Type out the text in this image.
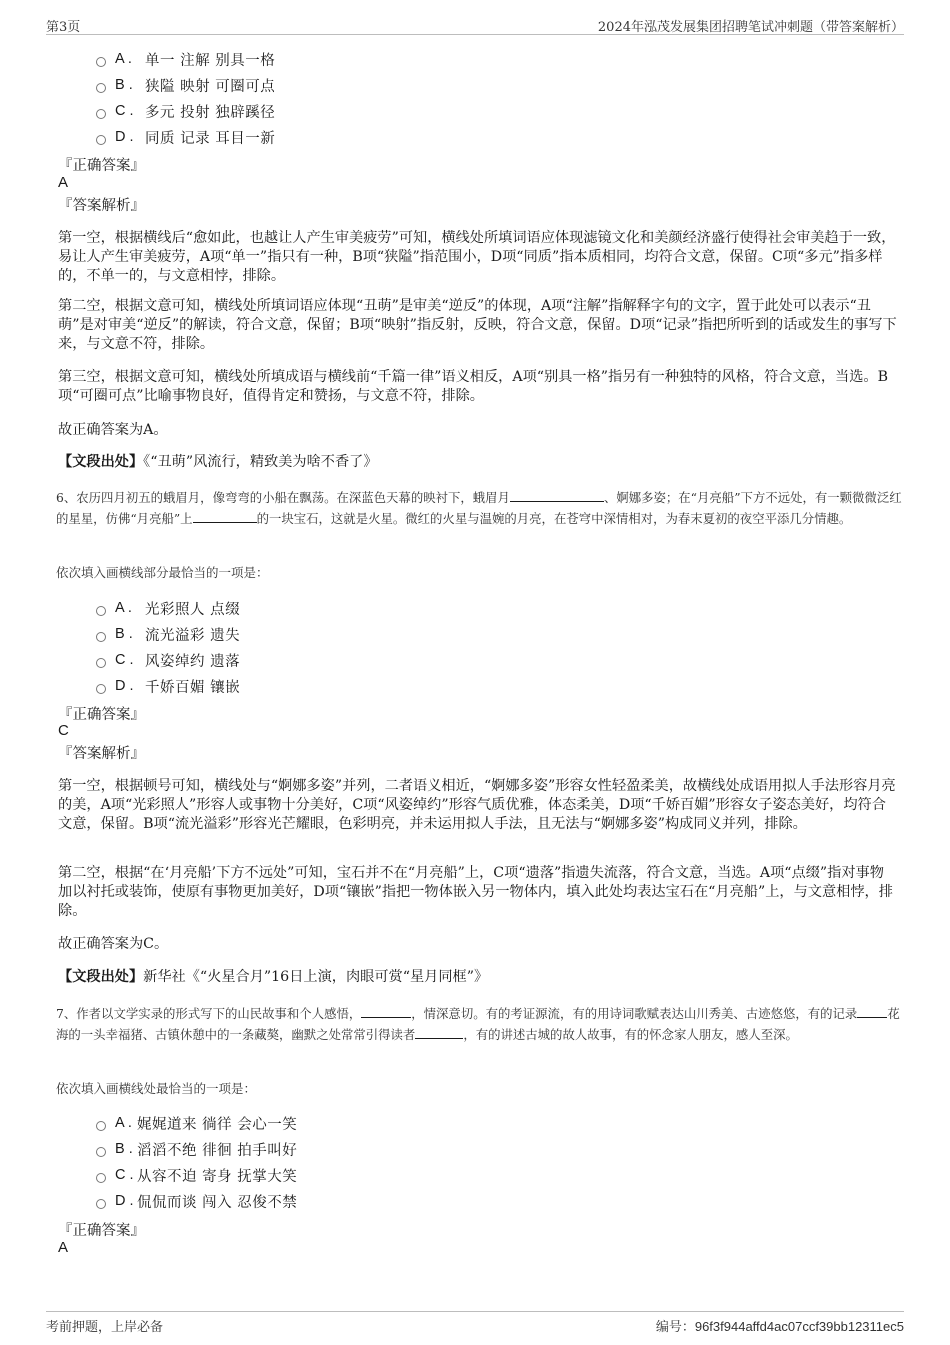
第3页	2024年泓茂发展集团招聘笔试冲刺题（带答案解析）
A . 单一 注解 别具一格
B . 狭隘 映射 可圈可点
C . 多元 投射 独辟蹊径
D . 同质 记录 耳目一新
『正确答案』
A
『答案解析』

第一空，根据横线后“愈如此，也越让人产生审美疲劳”可知，横线处所填词语应体现滤镜文化和美颜经济盛行使得社会审美趋于一致，易让人产生审美疲劳，A项“单一”指只有一种，B项“狭隘”指范围小，D项“同质”指本质相同，均符合文意，保留。C项“多元”指多样的，不单一的，与文意相悖，排除。

第二空，根据文意可知，横线处所填词语应体现“丑萌”是审美“逆反”的体现，A项“注解”指解释字句的文字，置于此处可以表示“丑萌”是对审美“逆反”的解读，符合文意，保留；B项“映射”指反射，反映，符合文意，保留。D项“记录”指把所听到的话或发生的事写下来，与文意不符，排除。

第三空，根据文意可知，横线处所填成语与横线前“千篇一律”语义相反，A项“别具一格”指另有一种独特的风格，符合文意，当选。B项“可圈可点”比喻事物良好，值得肯定和赞扬，与文意不符，排除。

故正确答案为A。

【文段出处】《“丑萌”风流行，精致美为啥不香了》

6、农历四月初五的蛾眉月，像弯弯的小船在飘荡。在深蓝色天幕的映衬下，蛾眉月	、婀娜多姿；在“月亮船”下方不远处，有一颗微微泛红的星星，仿佛“月亮船”上	的一块宝石，这就是火星。微红的火星与温婉的月亮，在苍穹中深情相对，为春末夏初的夜空平添几分情趣。

依次填入画横线部分最恰当的一项是：

A . 光彩照人 点缀
B . 流光溢彩 遗失
C . 风姿绰约 遗落
D . 千娇百媚 镶嵌
『正确答案』
C
『答案解析』

第一空，根据顿号可知，横线处与“婀娜多姿”并列，二者语义相近，“婀娜多姿”形容女性轻盈柔美，故横线处成语用拟人手法形容月亮的美，A项“光彩照人”形容人或事物十分美好，C项“风姿绰约”形容气质优雅，体态柔美，D项“千娇百媚”形容女子姿态美好，均符合文意，保留。B项“流光溢彩”形容光芒耀眼，色彩明亮，并未运用拟人手法，且无法与“婀娜多姿”构成同义并列，排除。

第二空，根据“在‘月亮船’下方不远处”可知，宝石并不在“月亮船”上，C项“遗落”指遗失流落，符合文意，当选。A项“点缀”指对事物加以衬托或装饰，使原有事物更加美好，D项“镶嵌”指把一物体嵌入另一物体内，填入此处均表达宝石在“月亮船”上，与文意相悖，排除。

故正确答案为C。

【文段出处】新华社《“火星合月”16日上演，肉眼可赏“星月同框”》

7、作者以文学实录的形式写下的山民故事和个人感悟，	，情深意切。有的考证源流，有的用诗词歌赋表达山川秀美、古迹悠悠，有的记录 花海的一头幸福猪、古镇休憩中的一条藏獒，幽默之处常常引得读者	，有的讲述古城的故人故事，有的怀念家人朋友，感人至深。

依次填入画横线处最恰当的一项是：

A . 娓娓道来 徜徉 会心一笑
B . 滔滔不绝 徘徊 拍手叫好
C . 从容不迫 寄身 抚掌大笑
D . 侃侃而谈 闯入 忍俊不禁
『正确答案』
A
考前押题，上岸必备	编号：96f3f944affd4ac07ccf39bb12311ec5
